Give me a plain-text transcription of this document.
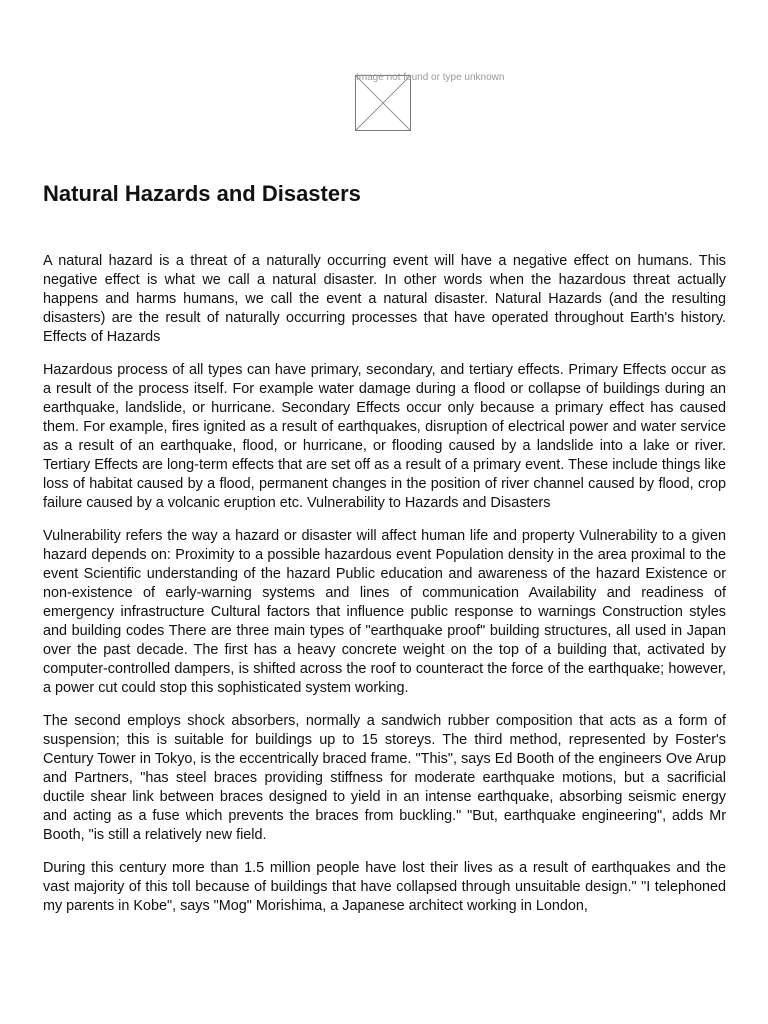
Image not found or type unknown
Natural Hazards and Disasters

A natural hazard is a threat of a naturally occurring event will have a negative effect on humans. This negative effect is what we call a natural disaster. In other words when the hazardous threat actually happens and harms humans, we call the event a natural disaster. Natural Hazards (and the resulting disasters) are the result of naturally occurring processes that have operated throughout Earth's history. Effects of Hazards

Hazardous process of all types can have primary, secondary, and tertiary effects. Primary Effects occur as a result of the process itself. For example water damage during a flood or collapse of buildings during an earthquake, landslide, or hurricane. Secondary Effects occur only because a primary effect has caused them. For example, fires ignited as a result of earthquakes, disruption of electrical power and water service as a result of an earthquake, flood, or hurricane, or flooding caused by a landslide into a lake or river. Tertiary Effects are long-term effects that are set off as a result of a primary event. These include things like loss of habitat caused by a flood, permanent changes in the position of river channel caused by flood, crop failure caused by a volcanic eruption etc. Vulnerability to Hazards and Disasters

Vulnerability refers the way a hazard or disaster will affect human life and property Vulnerability to a given hazard depends on: Proximity to a possible hazardous event Population density in the area proximal to the event Scientific understanding of the hazard Public education and awareness of the hazard Existence or non-existence of early-warning systems and lines of communication Availability and readiness of emergency infrastructure Cultural factors that influence public response to warnings Construction styles and building codes There are three main types of "earthquake proof" building structures, all used in Japan over the past decade. The first has a heavy concrete weight on the top of a building that, activated by computer-controlled dampers, is shifted across the roof to counteract the force of the earthquake; however, a power cut could stop this sophisticated system working.

The second employs shock absorbers, normally a sandwich rubber composition that acts as a form of suspension; this is suitable for buildings up to 15 storeys. The third method, represented by Foster's Century Tower in Tokyo, is the eccentrically braced frame. "This", says Ed Booth of the engineers Ove Arup and Partners, "has steel braces providing stiffness for moderate earthquake motions, but a sacrificial ductile shear link between braces designed to yield in an intense earthquake, absorbing seismic energy and acting as a fuse which prevents the braces from buckling." "But, earthquake engineering", adds Mr Booth, "is still a relatively new field.

During this century more than 1.5 million people have lost their lives as a result of earthquakes and the vast majority of this toll because of buildings that have collapsed through unsuitable design." "I telephoned my parents in Kobe", says "Mog" Morishima, a Japanese architect working in London,
